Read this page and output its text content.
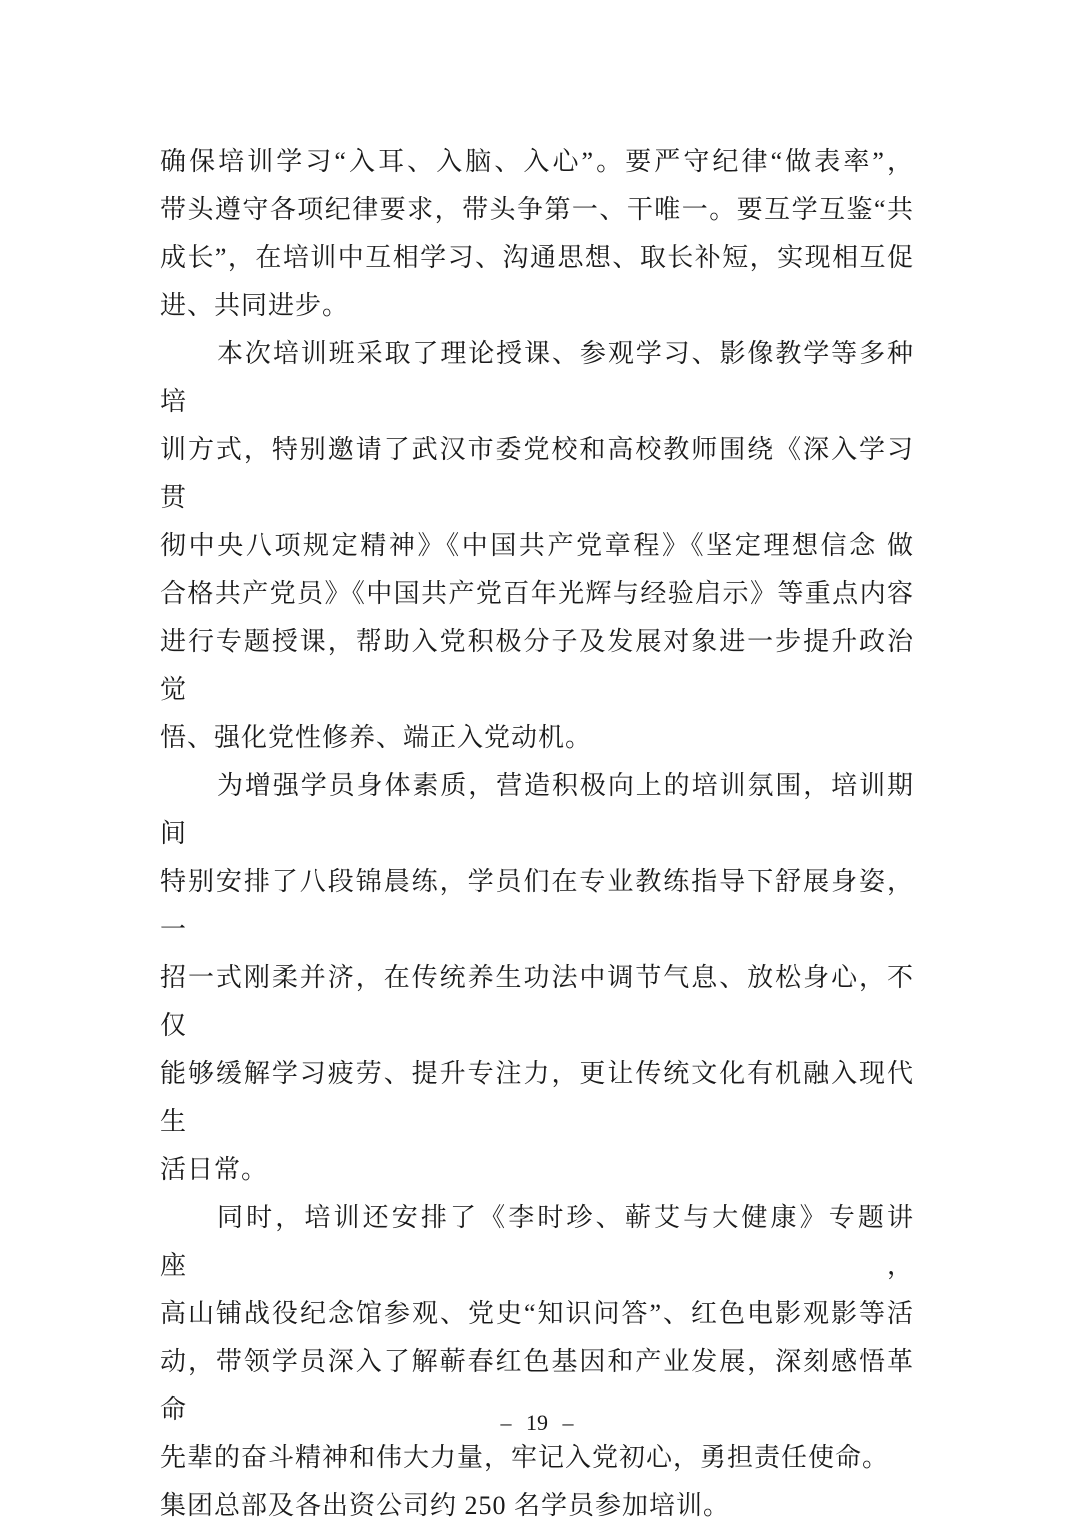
确保培训学习“入耳、入脑、入心”。要严守纪律“做表率”，
带头遵守各项纪律要求，带头争第一、干唯一。要互学互鉴“共
成长”，在培训中互相学习、沟通思想、取长补短，实现相互促
进、共同进步。

本次培训班采取了理论授课、参观学习、影像教学等多种培
训方式，特别邀请了武汉市委党校和高校教师围绕《深入学习贯
彻中央八项规定精神》《中国共产党章程》《坚定理想信念 做
合格共产党员》《中国共产党百年光辉与经验启示》等重点内容
进行专题授课，帮助入党积极分子及发展对象进一步提升政治觉
悟、强化党性修养、端正入党动机。

为增强学员身体素质，营造积极向上的培训氛围，培训期间
特别安排了八段锦晨练，学员们在专业教练指导下舒展身姿，一
招一式刚柔并济，在传统养生功法中调节气息、放松身心，不仅
能够缓解学习疲劳、提升专注力，更让传统文化有机融入现代生
活日常。

同时，培训还安排了《李时珍、蕲艾与大健康》专题讲座，
高山铺战役纪念馆参观、党史“知识问答”、红色电影观影等活
动，带领学员深入了解蕲春红色基因和产业发展，深刻感悟革命
先辈的奋斗精神和伟大力量，牢记入党初心，勇担责任使命。

集团总部及各出资公司约 250 名学员参加培训。

– 19 –
